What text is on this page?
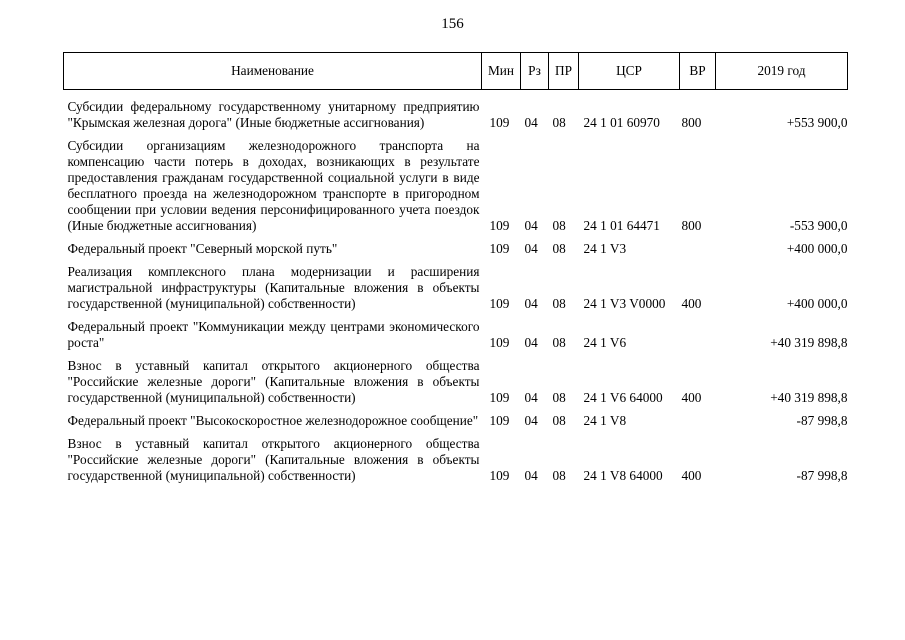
156
Наименование	Мин	Рз	ПР	ЦСР	ВР	2019 год

Субсидии федеральному государственному унитарному предприятию "Крымская железная дорога" (Иные бюджетные ассигнования)	109	04	08	24 1 01 60970	800	+553 900,0

Субсидии организациям железнодорожного транспорта на компенсацию части потерь в доходах, возникающих в результате предоставления гражданам государственной социальной услуги в виде бесплатного проезда на железнодорожном транспорте в пригородном сообщении при условии ведения персонифицированного учета поездок (Иные бюджетные ассигнования)	109	04	08	24 1 01 64471	800	-553 900,0

Федеральный проект "Северный морской путь"	109	04	08	24 1 V3		+400 000,0

Реализация комплексного плана модернизации и расширения магистральной инфраструктуры (Капитальные вложения в объекты государственной (муниципальной) собственности)	109	04	08	24 1 V3 V0000	400	+400 000,0

Федеральный проект "Коммуникации между центрами экономического роста"	109	04	08	24 1 V6		+40 319 898,8

Взнос в уставный капитал открытого акционерного общества "Российские железные дороги" (Капитальные вложения в объекты государственной (муниципальной) собственности)	109	04	08	24 1 V6 64000	400	+40 319 898,8

Федеральный проект "Высокоскоростное железнодорожное сообщение"	109	04	08	24 1 V8		-87 998,8

Взнос в уставный капитал открытого акционерного общества "Российские железные дороги" (Капитальные вложения в объекты государственной (муниципальной) собственности)	109	04	08	24 1 V8 64000	400	-87 998,8
